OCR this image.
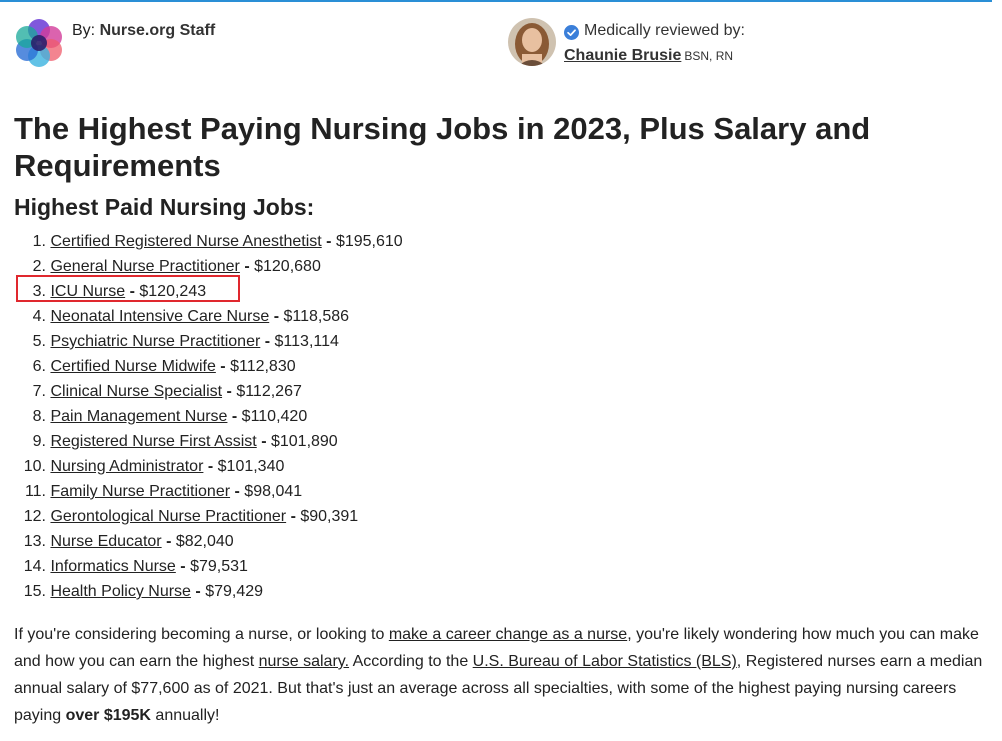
By: Nurse.org Staff	Medically reviewed by:
Chaunie Brusie BSN, RN
The Highest Paying Nursing Jobs in 2023, Plus Salary and Requirements
Highest Paid Nursing Jobs:
1. Certified Registered Nurse Anesthetist - $195,610
2. General Nurse Practitioner - $120,680
3. ICU Nurse - $120,243
4. Neonatal Intensive Care Nurse - $118,586
5. Psychiatric Nurse Practitioner - $113,114
6. Certified Nurse Midwife - $112,830
7. Clinical Nurse Specialist - $112,267
8. Pain Management Nurse - $110,420
9. Registered Nurse First Assist - $101,890
10. Nursing Administrator - $101,340
11. Family Nurse Practitioner - $98,041
12. Gerontological Nurse Practitioner - $90,391
13. Nurse Educator - $82,040
14. Informatics Nurse - $79,531
15. Health Policy Nurse - $79,429

If you're considering becoming a nurse, or looking to make a career change as a nurse, you're likely wondering how much you can make and how you can earn the highest nurse salary. According to the U.S. Bureau of Labor Statistics (BLS), Registered nurses earn a median annual salary of $77,600 as of 2021. But that's just an average across all specialties, with some of the highest paying nursing careers paying over $195K annually!
